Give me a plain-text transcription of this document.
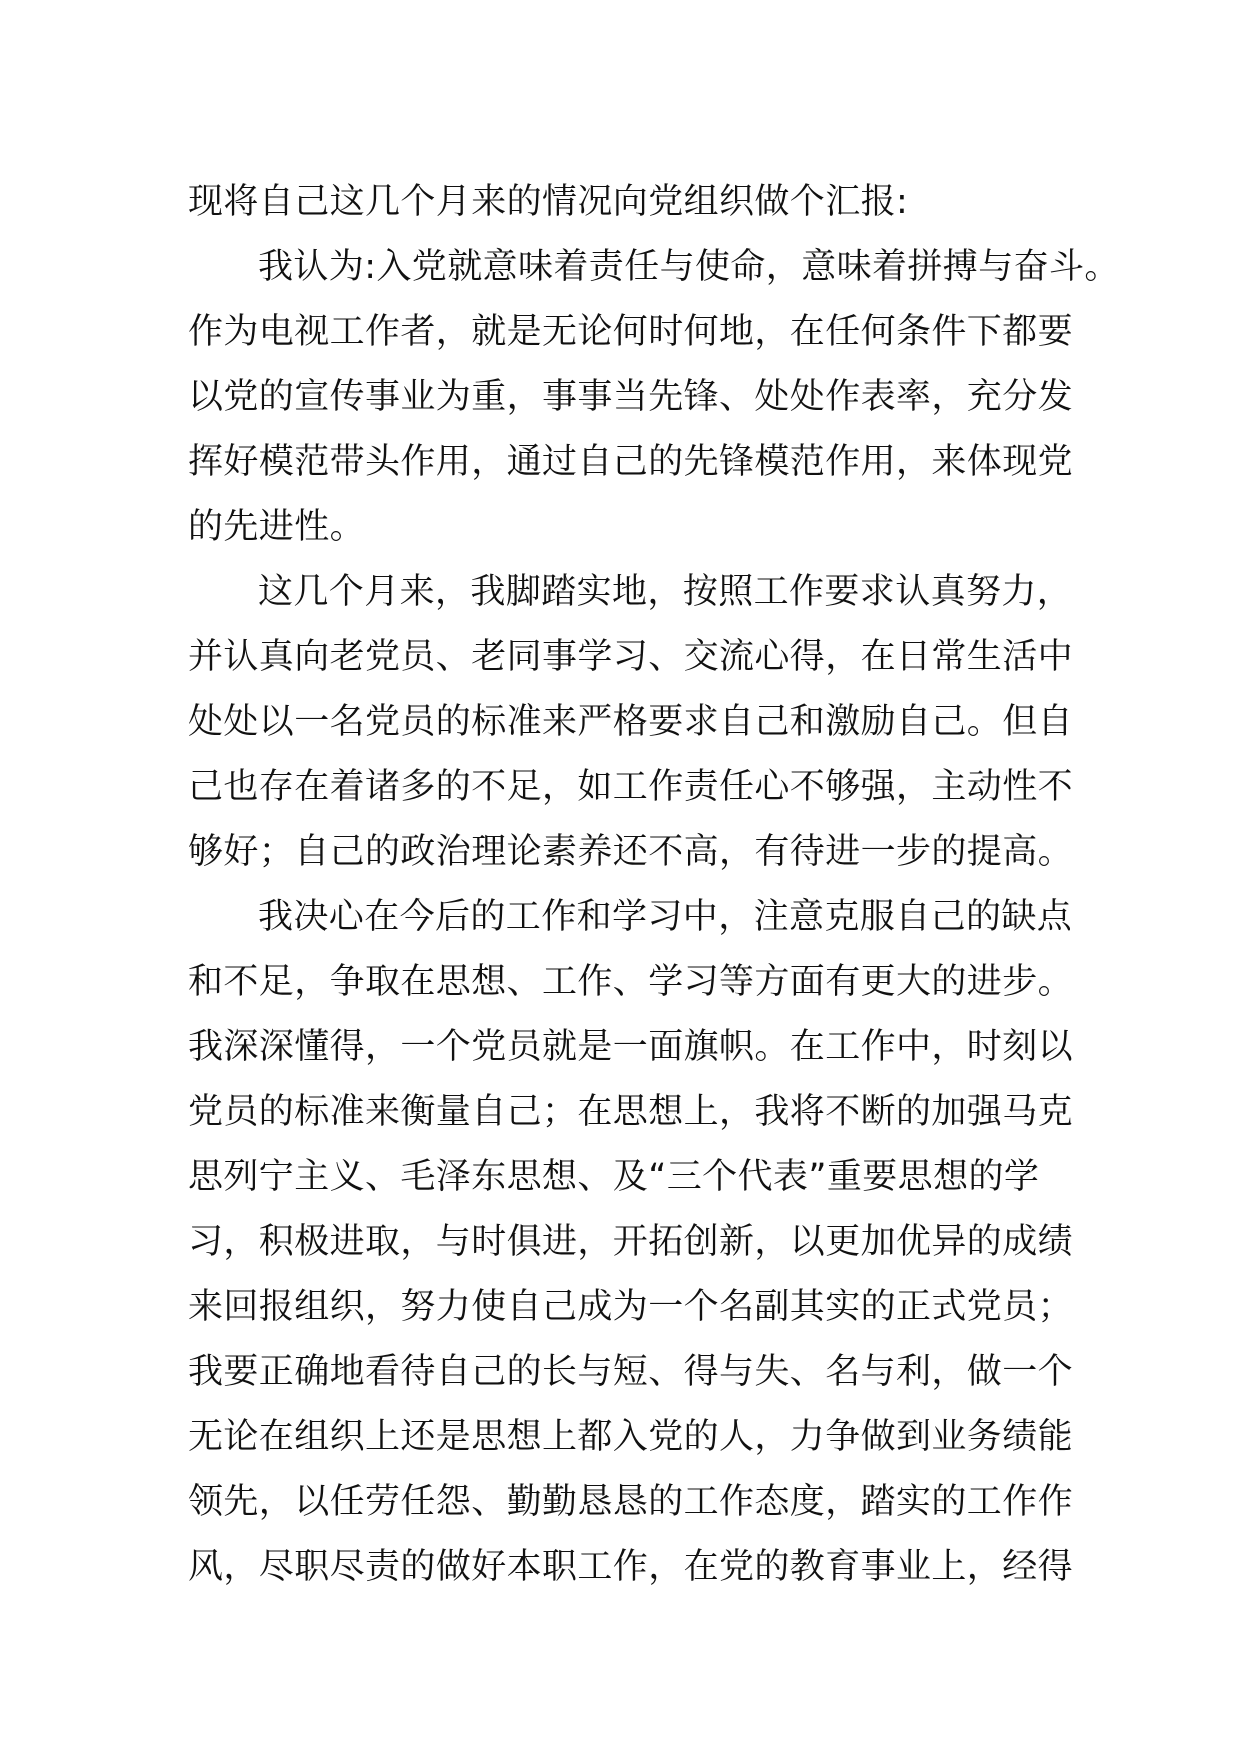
现将自己这几个月来的情况向党组织做个汇报:
我认为:入党就意味着责任与使命，意味着拼搏与奋斗。
作为电视工作者，就是无论何时何地，在任何条件下都要
以党的宣传事业为重，事事当先锋、处处作表率，充分发
挥好模范带头作用，通过自己的先锋模范作用，来体现党
的先进性。
这几个月来，我脚踏实地，按照工作要求认真努力，
并认真向老党员、老同事学习、交流心得，在日常生活中
处处以一名党员的标准来严格要求自己和激励自己。但自
己也存在着诸多的不足，如工作责任心不够强，主动性不
够好；自己的政治理论素养还不高，有待进一步的提高。
我决心在今后的工作和学习中，注意克服自己的缺点
和不足，争取在思想、工作、学习等方面有更大的进步。
我深深懂得，一个党员就是一面旗帜。在工作中，时刻以
党员的标准来衡量自己；在思想上，我将不断的加强马克
思列宁主义、毛泽东思想、及“三个代表”重要思想的学
习，积极进取，与时俱进，开拓创新，以更加优异的成绩
来回报组织，努力使自己成为一个名副其实的正式党员；
我要正确地看待自己的长与短、得与失、名与利，做一个
无论在组织上还是思想上都入党的人，力争做到业务绩能
领先，以任劳任怨、勤勤恳恳的工作态度，踏实的工作作
风，尽职尽责的做好本职工作，在党的教育事业上，经得
